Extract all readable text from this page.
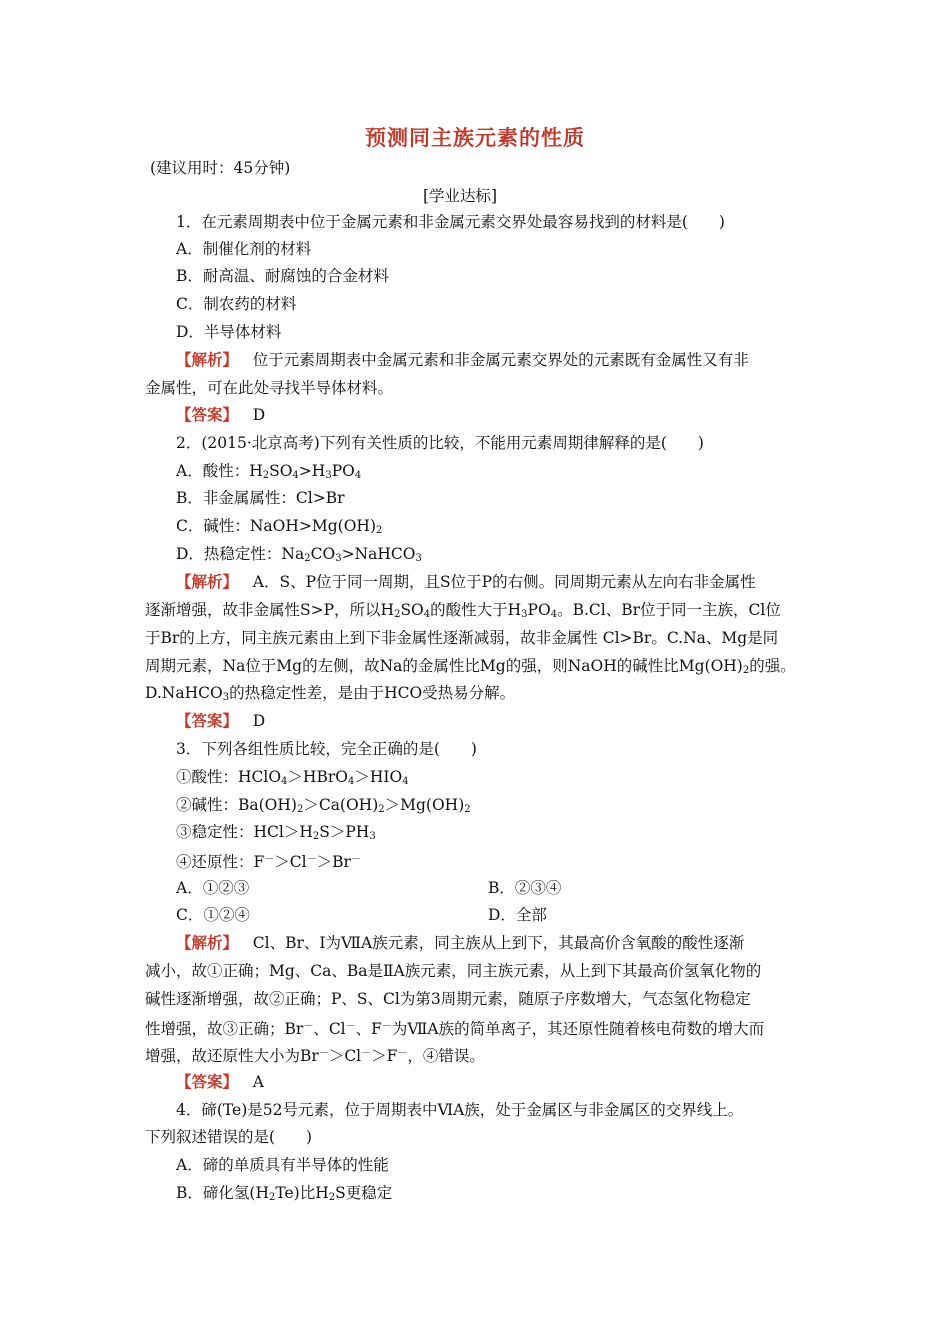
预测同主族元素的性质
(建议用时：45分钟)
[学业达标]
1．在元素周期表中位于金属元素和非金属元素交界处最容易找到的材料是(　　)
A．制催化剂的材料
B．耐高温、耐腐蚀的合金材料
C．制农药的材料
D．半导体材料
【解析】 位于元素周期表中金属元素和非金属元素交界处的元素既有金属性又有非
金属性，可在此处寻找半导体材料。
【答案】 D
2．(2015·北京高考)下列有关性质的比较，不能用元素周期律解释的是(　　)
A．酸性：$H_2SO_4>H_3PO_4$
B．非金属属性：Cl>Br
C．碱性：$NaOH>Mg(OH)_2$
D．热稳定性：$Na_2CO_3>NaHCO_3$
【解析】 A．S、P位于同一周期，且S位于P的右侧。同周期元素从左向右非金属性
逐渐增强，故非金属性S>P，所以$H_2SO_4$的酸性大于$H_3PO_4$。B.Cl、Br位于同一主族，Cl位
于Br的上方，同主族元素由上到下非金属性逐渐减弱，故非金属性 Cl>Br。C.Na、Mg是同
周期元素，Na位于Mg的左侧，故Na的金属性比Mg的强，则NaOH的碱性比$Mg(OH)_2$的强。
D.NaHCO$_3$的热稳定性差，是由于HCO受热易分解。
【答案】 D
3．下列各组性质比较，完全正确的是(　　)
①酸性：$HClO_4>HBrO_4>HIO_4$
②碱性：$Ba(OH)_2>Ca(OH)_2>Mg(OH)_2$
③稳定性：$HCl>H_2S>PH_3$
④还原性：F－＞Cl－＞Br－
A．①②③	B．②③④
C．①②④	D．全部
【解析】 Cl、Br、I为ⅦA族元素，同主族从上到下，其最高价含氧酸的酸性逐渐
减小，故①正确；Mg、Ca、Ba是ⅡA族元素，同主族元素，从上到下其最高价氢氧化物的
碱性逐渐增强，故②正确；P、S、Cl为第3周期元素，随原子序数增大，气态氢化物稳定
性增强，故③正确；Br－、Cl－、F－为ⅦA族的简单离子，其还原性随着核电荷数的增大而
增强，故还原性大小为Br－＞Cl－＞F－，④错误。
【答案】 A
4．碲(Te)是52号元素，位于周期表中ⅥA族，处于金属区与非金属区的交界线上。
下列叙述错误的是(　　)
A．碲的单质具有半导体的性能
B．碲化氢$(H_2Te)$比$H_2S$更稳定
